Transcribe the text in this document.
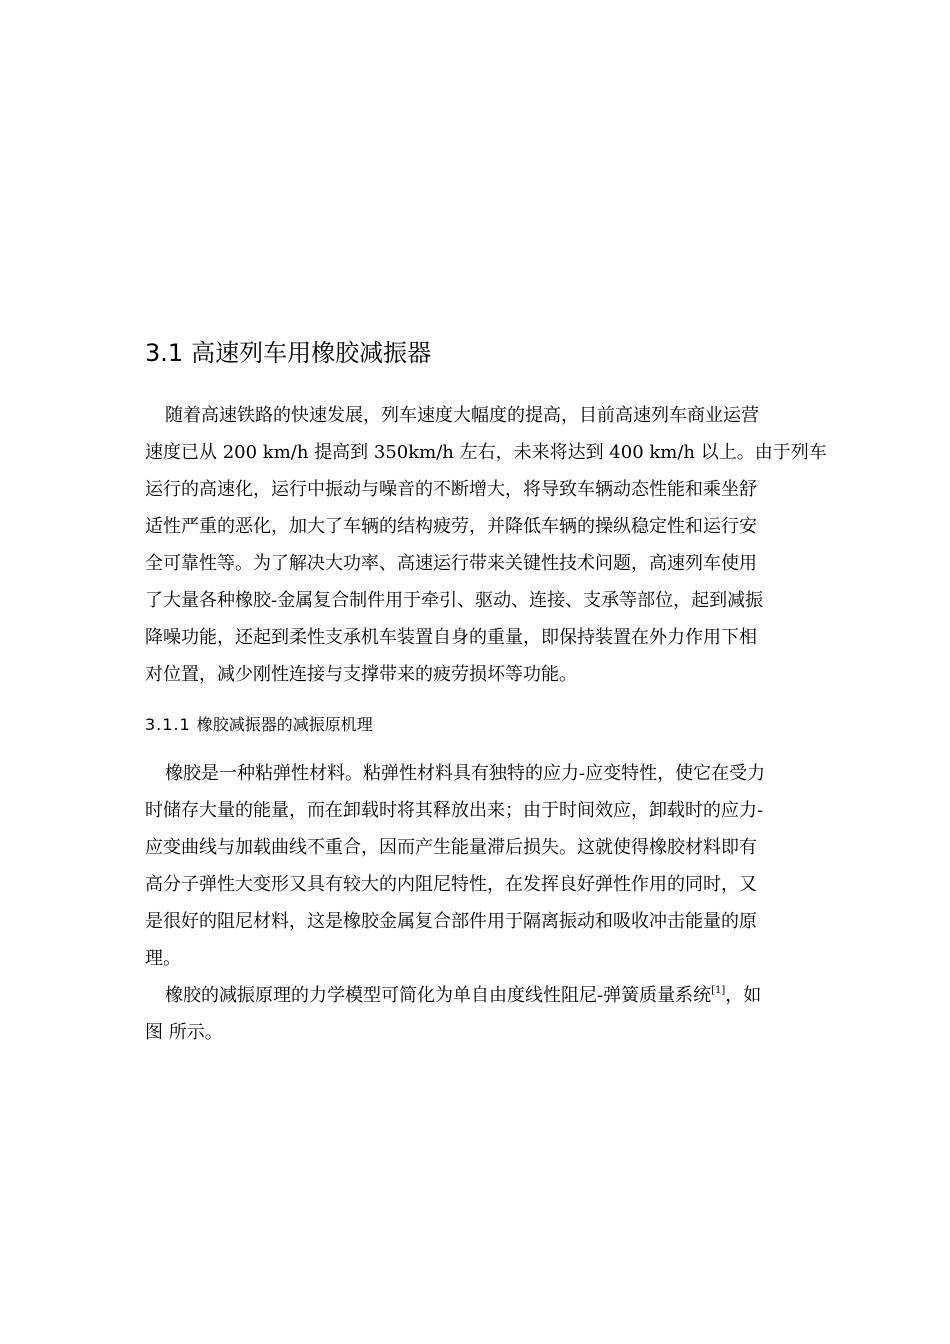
3.1 高速列车用橡胶减振器
随着高速铁路的快速发展，列车速度大幅度的提高，目前高速列车商业运营
速度已从 200 km/h 提高到 350km/h 左右，未来将达到 400 km/h 以上。由于列车
运行的高速化，运行中振动与噪音的不断增大，将导致车辆动态性能和乘坐舒
适性严重的恶化，加大了车辆的结构疲劳，并降低车辆的操纵稳定性和运行安
全可靠性等。为了解决大功率、高速运行带来关键性技术问题，高速列车使用
了大量各种橡胶-金属复合制件用于牵引、驱动、连接、支承等部位，起到减振
降噪功能，还起到柔性支承机车装置自身的重量，即保持装置在外力作用下相
对位置，减少刚性连接与支撑带来的疲劳损坏等功能。
3.1.1 橡胶减振器的减振原机理
橡胶是一种粘弹性材料。粘弹性材料具有独特的应力-应变特性，使它在受力
时储存大量的能量，而在卸载时将其释放出来；由于时间效应，卸载时的应力-
应变曲线与加载曲线不重合，因而产生能量滞后损失。这就使得橡胶材料即有
高分子弹性大变形又具有较大的内阻尼特性，在发挥良好弹性作用的同时，又
是很好的阻尼材料，这是橡胶金属复合部件用于隔离振动和吸收冲击能量的原
理。
橡胶的减振原理的力学模型可简化为单自由度线性阻尼-弹簧质量系统[1]，如
图 所示。
